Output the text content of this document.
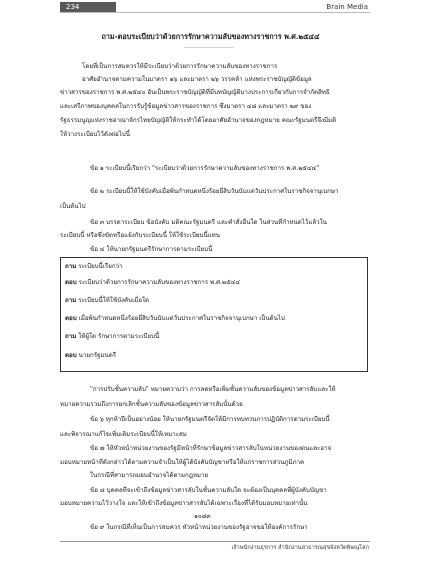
234	Brain Media
ถาม-ตอบระเบียบว่าด้วยการรักษาความลับของทางราชการ พ.ศ.๒๕๔๔
-------------------------
โดยที่เป็นการสมควรให้มีระเบียบว่าด้วยการรักษาความลับของทางราชการ
อาศัยอำนาจตามความในมาตรา ๑๖ และมาตรา ๒๖ วรรคห้า แห่งพระราชบัญญัติข้อมูล
ข่าวสารของราชการ พ.ศ.๒๕๔๐ อันเป็นพระราชบัญญัติที่มีบทบัญญัติบางประการเกี่ยวกับการจำกัดสิทธิ
และเสรีภาพของบุคคลในการรับรู้ข้อมูลข่าวสารของราชการ ซึ่งมาตรา ๔๘ และมาตรา ๒๙ ของ
รัฐธรรมนูญแห่งราชอาณาจักรไทยบัญญัติให้กระทำได้โดยอาศัยอำนาจของกฎหมาย คณะรัฐมนตรีจึงมีมติ
ให้วางระเบียบไว้ดังต่อไปนี้
ข้อ ๑ ระเบียบนี้เรียกว่า "ระเบียบว่าด้วยการรักษาความลับของทางราชการ พ.ศ.๒๕๔๔"
ข้อ ๒ ระเบียบนี้ให้ใช้บังคับเมื่อพ้นกำหนดหนึ่งร้อยยี่สิบวันนับแต่วันประกาศในราชกิจจานุเบกษา
เป็นต้นไป
ข้อ ๓ บรรดาระเบียบ ข้อบังคับ มติคณะรัฐมนตรี และคำสั่งอื่นใด ในส่วนที่กำหนดไว้แล้วใน
ระเบียบนี้ หรือซึ่งขัดหรือแย้งกับระเบียบนี้ ให้ใช้ระเบียบนี้แทน
ข้อ ๔ ให้นายกรัฐมนตรีรักษาการตามระเบียบนี้
ถาม ระเบียบนี้เรียกว่า
ตอบ ระเบียบว่าด้วยการรักษาความลับของทางราชการ พ.ศ.๒๕๔๔
ถาม ระเบียบนี้ให้ใช้บังคับเมื่อใด
ตอบ เมื่อพ้นกำหนดหนึ่งร้อยยี่สิบวันนับแต่วันประกาศในราชกิจจานุเบกษา เป็นต้นไป
ถาม ให้ผู้ใด รักษาการตามระเบียบนี้
ตอบ นายกรัฐมนตรี
"การปรับชั้นความลับ" หมายความว่า การลดหรือเพิ่มชั้นความลับของข้อมูลข่าวสารลับและให้
หมายความรวมถึงการยกเลิกชั้นความลับของข้อมูลข่าวสารลับนั้นด้วย
ข้อ ๖ ทุกห้าปีเป็นอย่างน้อย ให้นายกรัฐมนตรีจัดให้มีการทบทวนการปฏิบัติการตามระเบียบนี้
และพิจารณาแก้ไขเพิ่มเติมระเบียบนี้ให้เหมาะสม
ข้อ ๗ ให้หัวหน้าหน่วยงานของรัฐมีหน้าที่รักษาข้อมูลข่าวสารลับในหน่วยงานของตนและอาจ
มอบหมายหน้าที่ดังกล่าวได้ตามความจำเป็นให้ผู้ได้บังคับบัญชาหรือให้แก่ราชการส่วนภูมิภาค
ในกรณีที่สามารถมอบอำนาจได้ตามกฎหมาย
ข้อ ๘ บุคคลที่จะเข้าถึงข้อมูลข่าวสารลับในชั้นความลับใด จะต้องเป็นบุคคลที่ผู้บังคับบัญชา
มอบหมายความไว้วางใจ และให้เข้าถึงข้อมูลข่าวสารลับได้เฉพาะเรื่องที่ได้รับมอบหมายเท่านั้น
๑๐๘๓
ข้อ ๙ ในกรณีที่เห็นเป็นการสมควร หัวหน้าหน่วยงานของรัฐอาจขอให้องค์การรักษา
เจ้าพนักงานธุรการ สำนักงานสาธารณสุขจังหวัดพิษณุโลก
